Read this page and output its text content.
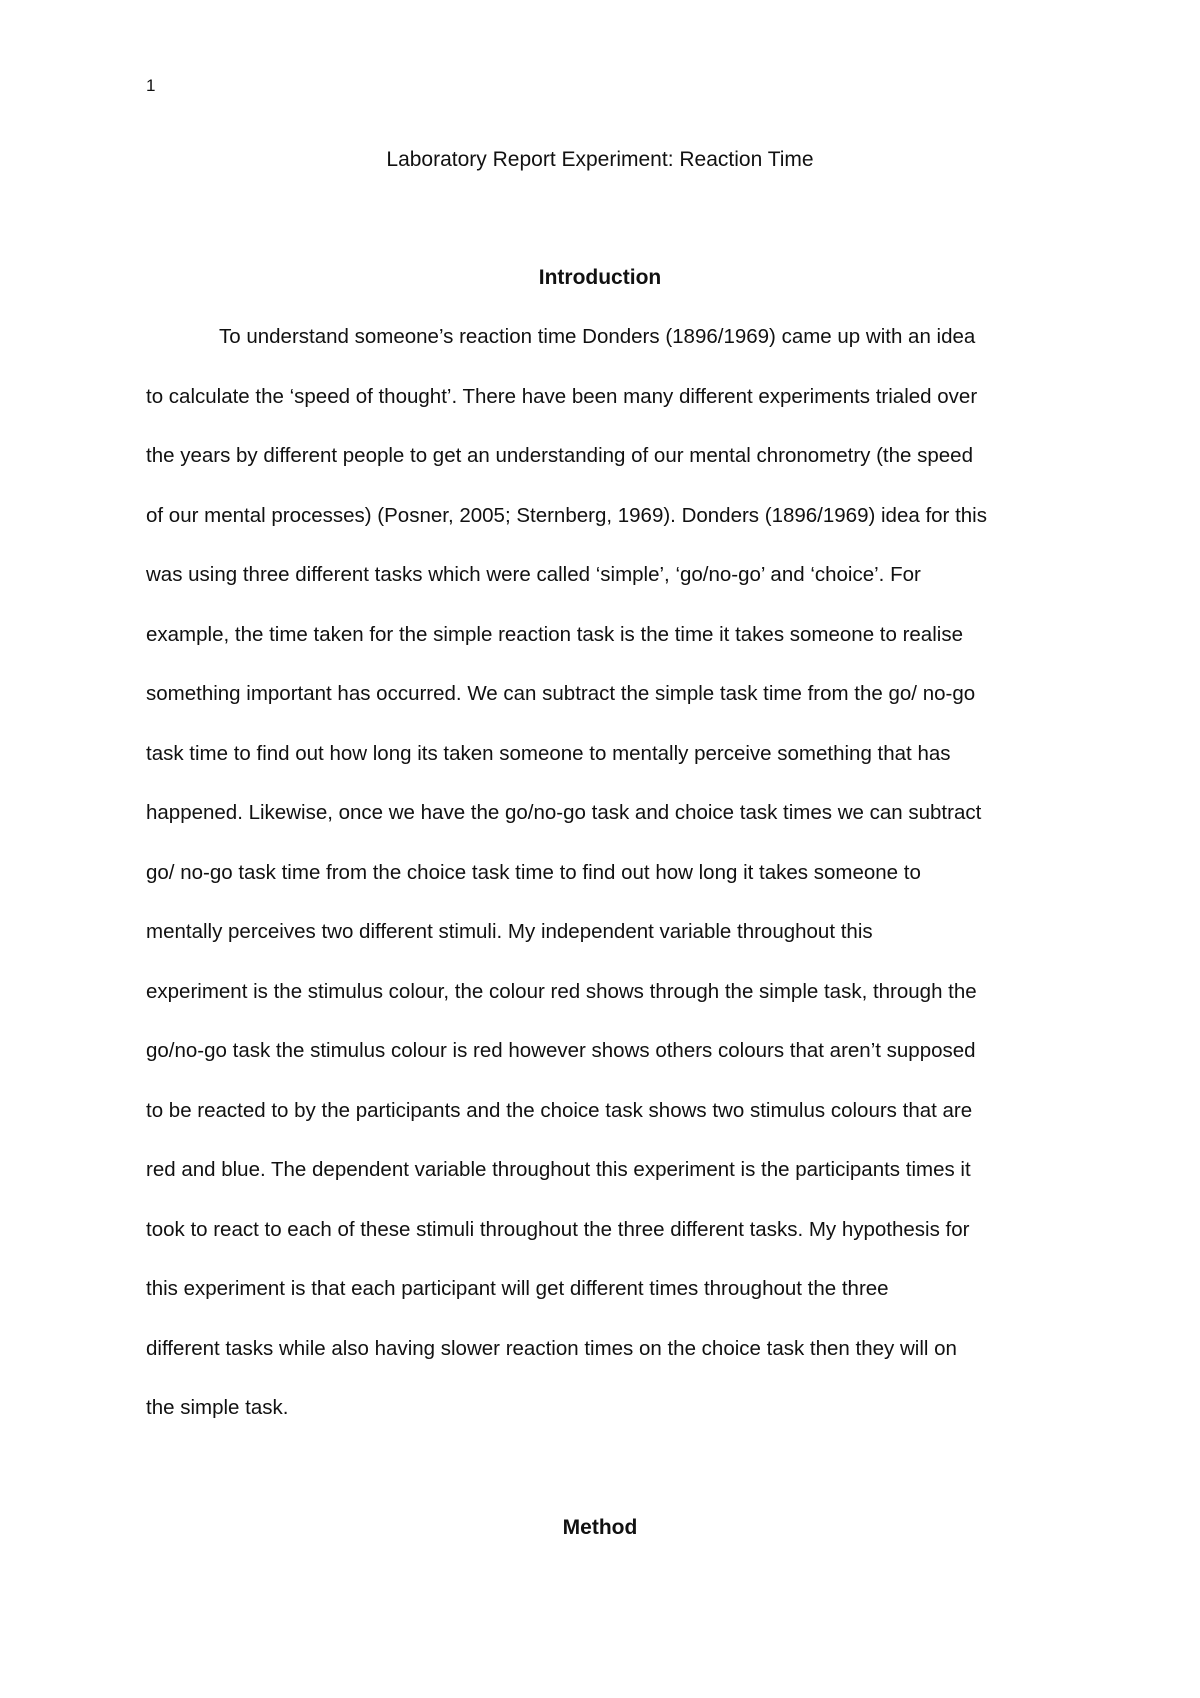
1
Laboratory Report Experiment: Reaction Time
Introduction
To understand someone’s reaction time Donders (1896/1969) came up with an idea
to calculate the ‘speed of thought’. There have been many different experiments trialed over
the years by different people to get an understanding of our mental chronometry (the speed
of our mental processes) (Posner, 2005; Sternberg, 1969). Donders (1896/1969) idea for this
was using three different tasks which were called ‘simple’, ‘go/no-go’ and ‘choice’. For
example, the time taken for the simple reaction task is the time it takes someone to realise
something important has occurred. We can subtract the simple task time from the go/ no-go
task time to find out how long its taken someone to mentally perceive something that has
happened. Likewise, once we have the go/no-go task and choice task times we can subtract
go/ no-go task time from the choice task time to find out how long it takes someone to
mentally perceives two different stimuli. My independent variable throughout this
experiment is the stimulus colour, the colour red shows through the simple task, through the
go/no-go task the stimulus colour is red however shows others colours that aren’t supposed
to be reacted to by the participants and the choice task shows two stimulus colours that are
red and blue. The dependent variable throughout this experiment is the participants times it
took to react to each of these stimuli throughout the three different tasks. My hypothesis for
this experiment is that each participant will get different times throughout the three
different tasks while also having slower reaction times on the choice task then they will on
the simple task.
Method
